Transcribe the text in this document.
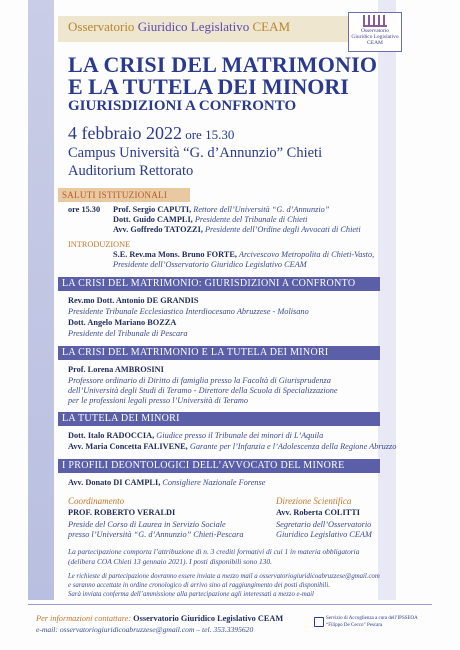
Osservatorio Giuridico Legislativo CEAM	Osservatorio
Giuridico Legislativo
CEAM
LA CRISI DEL MATRIMONIO
E LA TUTELA DEI MINORI
GIURISDIZIONI A CONFRONTO
4 febbraio 2022 ore 15.30
Campus Università “G. d’Annunzio” Chieti
Auditorium Rettorato
SALUTI ISTITUZIONALI
ore 15.30 Prof. Sergio CAPUTI, Rettore dell’Università “G. d’Annunzio”
Dott. Guido CAMPLI, Presidente del Tribunale di Chieti
Avv. Goffredo TATOZZI, Presidente dell’Ordine degli Avvocati di Chieti
INTRODUZIONE
S.E. Rev.ma Mons. Bruno FORTE, Arcivescovo Metropolita di Chieti-Vasto,
Presidente dell’Osservatorio Giuridico Legislativo CEAM
LA CRISI DEL MATRIMONIO: GIURISDIZIONI A CONFRONTO
Rev.mo Dott. Antonio DE GRANDIS
Presidente Tribunale Ecclesiastico Interdiocesano Abruzzese - Molisano
Dott. Angelo Mariano BOZZA
Presidente del Tribunale di Pescara
LA CRISI DEL MATRIMONIO E LA TUTELA DEI MINORI
Prof. Lorena AMBROSINI
Professore ordinario di Diritto di famiglia presso la Facoltà di Giurisprudenza
dell’Università degli Studi di Teramo - Direttore della Scuola di Specializzazione
per le professioni legali presso l’Università di Teramo
LA TUTELA DEI MINORI
Dott. Italo RADOCCIA, Giudice presso il Tribunale dei minori di L’Aquila
Avv. Maria Concetta FALIVENE, Garante per l’Infanzia e l’Adolescenza della Regione Abruzzo
I PROFILI DEONTOLOGICI DELL’AVVOCATO DEL MINORE
Avv. Donato DI CAMPLI, Consigliere Nazionale Forense
Coordinamento
PROF. ROBERTO VERALDI
Preside del Corso di Laurea in Servizio Sociale
presso l’Università “G. d’Annunzio” Chieti-Pescara
Direzione Scientifica
Avv. Roberta COLITTI
Segretario dell’Osservatorio
Giuridico Legislativo CEAM
La partecipazione comporta l’attribuzione di n. 3 crediti formativi di cui 1 in materia obbligatoria
(delibera COA Chieti 13 gennaio 2021). I posti disponibili sono 130.
Le richieste di partecipazione dovranno essere inviate a mezzo mail a osservatoriogiuridicoabruzzese@gmail.com
e saranno accettate in ordine cronologico di arrivo sino al raggiungimento dei posti disponibili.
Sarà inviata conferma dell’ammissione alla partecipazione agli interessati a mezzo e-mail
Per informazioni contattare: Osservatorio Giuridico Legislativo CEAM
e-mail: osservatoriogiuridicoabruzzese@gmail.com – tel. 353.3395620
Servizio di Accoglienza a cura dell’IPSSEOA
“Filippo De Cecco” Pescara
